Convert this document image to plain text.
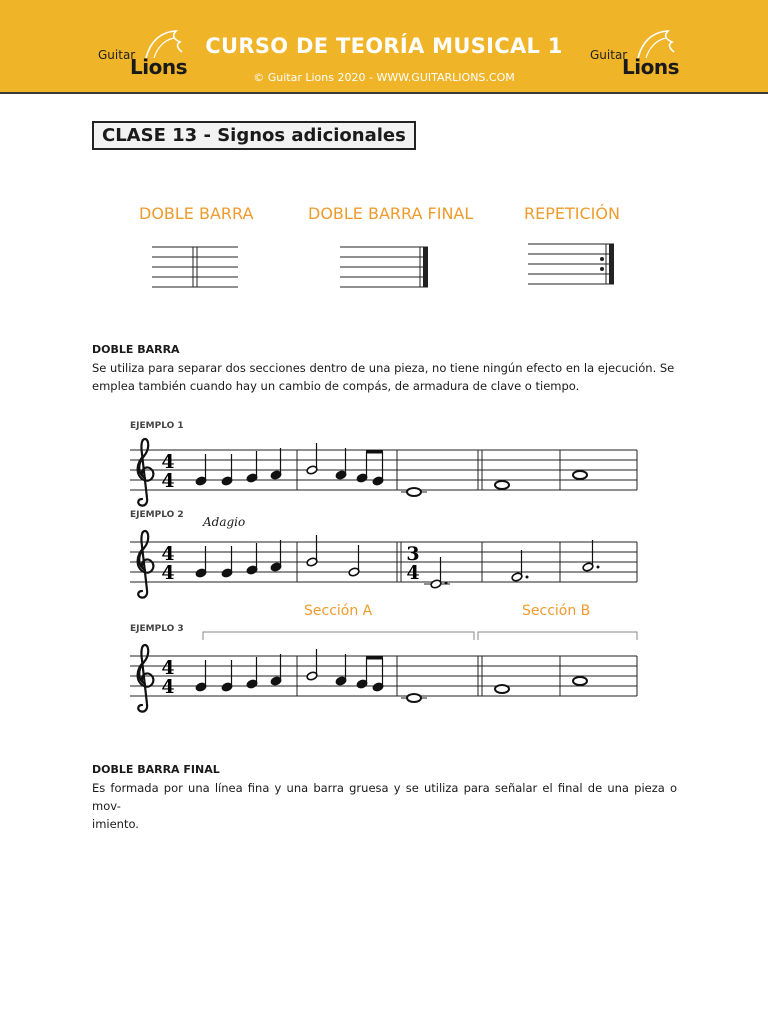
Guitar
Lions
CURSO DE TEORÍA MUSICAL 1
© Guitar Lions 2020 - WWW.GUITARLIONS.COM
Guitar
Lions
CLASE 13 - Signos adicionales
DOBLE BARRA	DOBLE BARRA FINAL	REPETICIÓN
DOBLE BARRA
Se utiliza para separar dos secciones dentro de una pieza, no tiene ningún efecto en la ejecución. Se
emplea también cuando hay un cambio de compás, de armadura de clave o tiempo.
EJEMPLO 1
EJEMPLO 2
EJEMPLO 3
Adagio
Sección A	Sección B
4
4
4
4
3
4
4
4
DOBLE BARRA FINAL
Es formada por una línea fina y una barra gruesa y se utiliza para señalar el final de una pieza o mov-
imiento.
